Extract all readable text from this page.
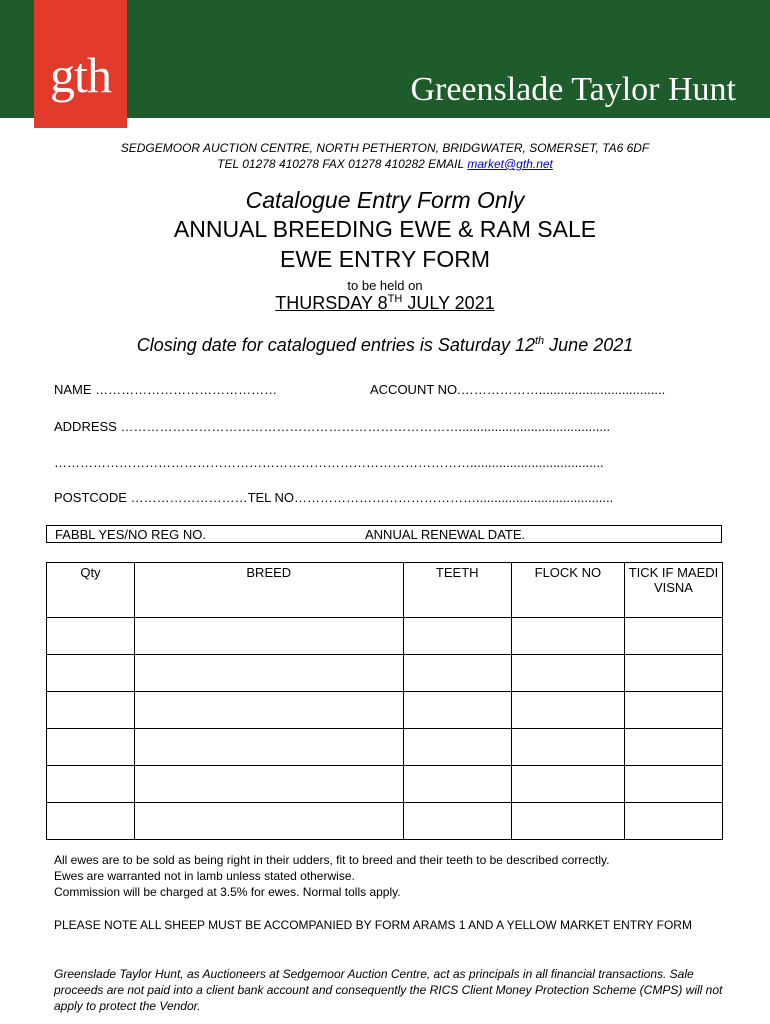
Greenslade Taylor Hunt
gth
SEDGEMOOR AUCTION CENTRE, NORTH PETHERTON, BRIDGWATER, SOMERSET, TA6 6DF
TEL 01278 410278 FAX 01278 410282 EMAIL market@gth.net
Catalogue Entry Form Only
ANNUAL BREEDING EWE & RAM SALE
EWE ENTRY FORM
to be held on
THURSDAY 8TH JULY 2021
Closing date for catalogued entries is Saturday 12th June 2021
NAME ……………………………………	ACCOUNT NO.………………...................................
ADDRESS ……………………………………………………………………..........................................
…………………………………………………………………………………….....................................
POSTCODE ………………………TEL NO……………………………………......................................
FABBL YES/NO REG NO.	ANNUAL RENEWAL DATE.
Qty	BREED	TEETH	FLOCK NO	TICK IF MAEDI VISNA

All ewes are to be sold as being right in their udders, fit to breed and their teeth to be described correctly.
Ewes are warranted not in lamb unless stated otherwise.
Commission will be charged at 3.5% for ewes. Normal tolls apply.
PLEASE NOTE ALL SHEEP MUST BE ACCOMPANIED BY FORM ARAMS 1 AND A YELLOW MARKET ENTRY FORM
Greenslade Taylor Hunt, as Auctioneers at Sedgemoor Auction Centre, act as principals in all financial transactions. Sale proceeds are not paid into a client bank account and consequently the RICS Client Money Protection Scheme (CMPS) will not apply to protect the Vendor.
